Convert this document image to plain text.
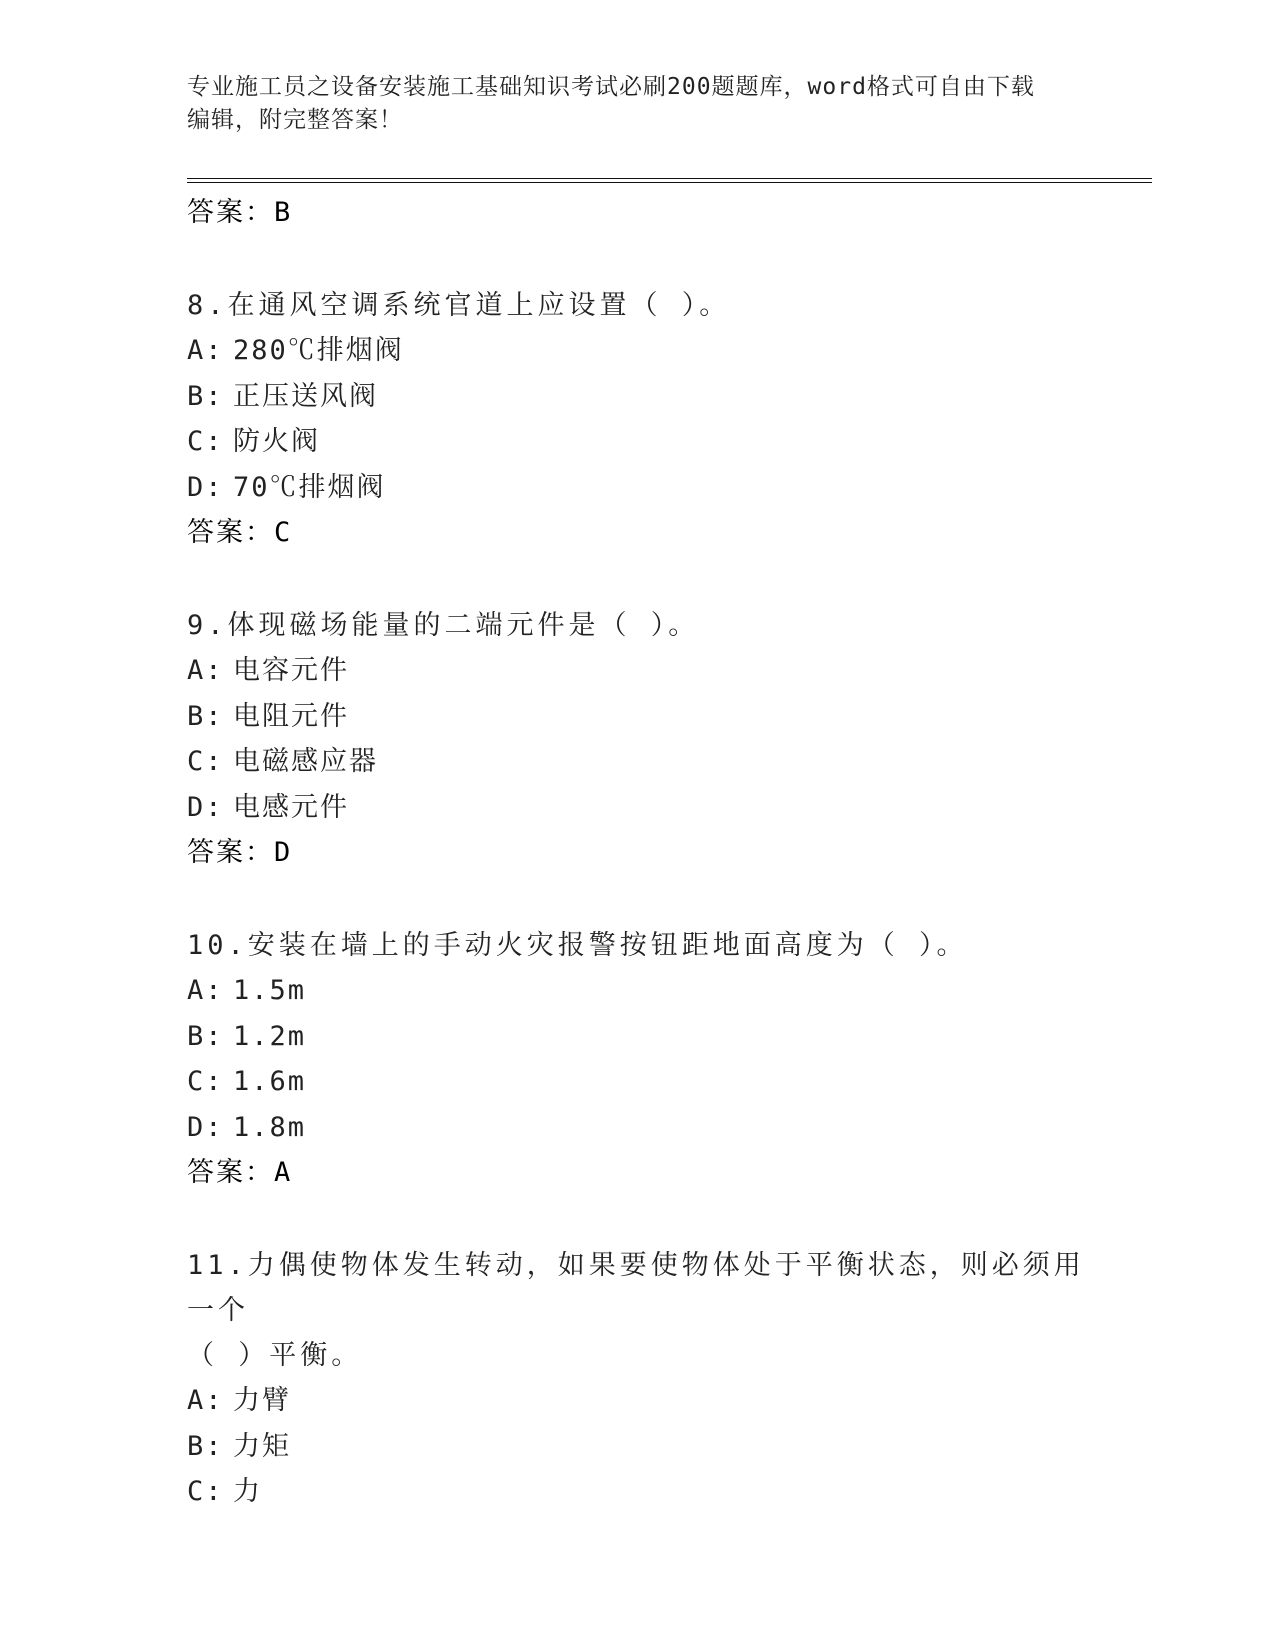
专业施工员之设备安装施工基础知识考试必刷200题题库，word格式可自由下载
编辑，附完整答案！
答案：B
8.在通风空调系统官道上应设置（ ）。
A: 280℃排烟阀
B: 正压送风阀
C: 防火阀
D: 70℃排烟阀
答案：C
9.体现磁场能量的二端元件是（ ）。
A: 电容元件
B: 电阻元件
C: 电磁感应器
D: 电感元件
答案：D
10.安装在墙上的手动火灾报警按钮距地面高度为（ ）。
A: 1.5m
B: 1.2m
C: 1.6m
D: 1.8m
答案：A
11.力偶使物体发生转动，如果要使物体处于平衡状态，则必须用一个
（ ）平衡。
A: 力臂
B: 力矩
C: 力
